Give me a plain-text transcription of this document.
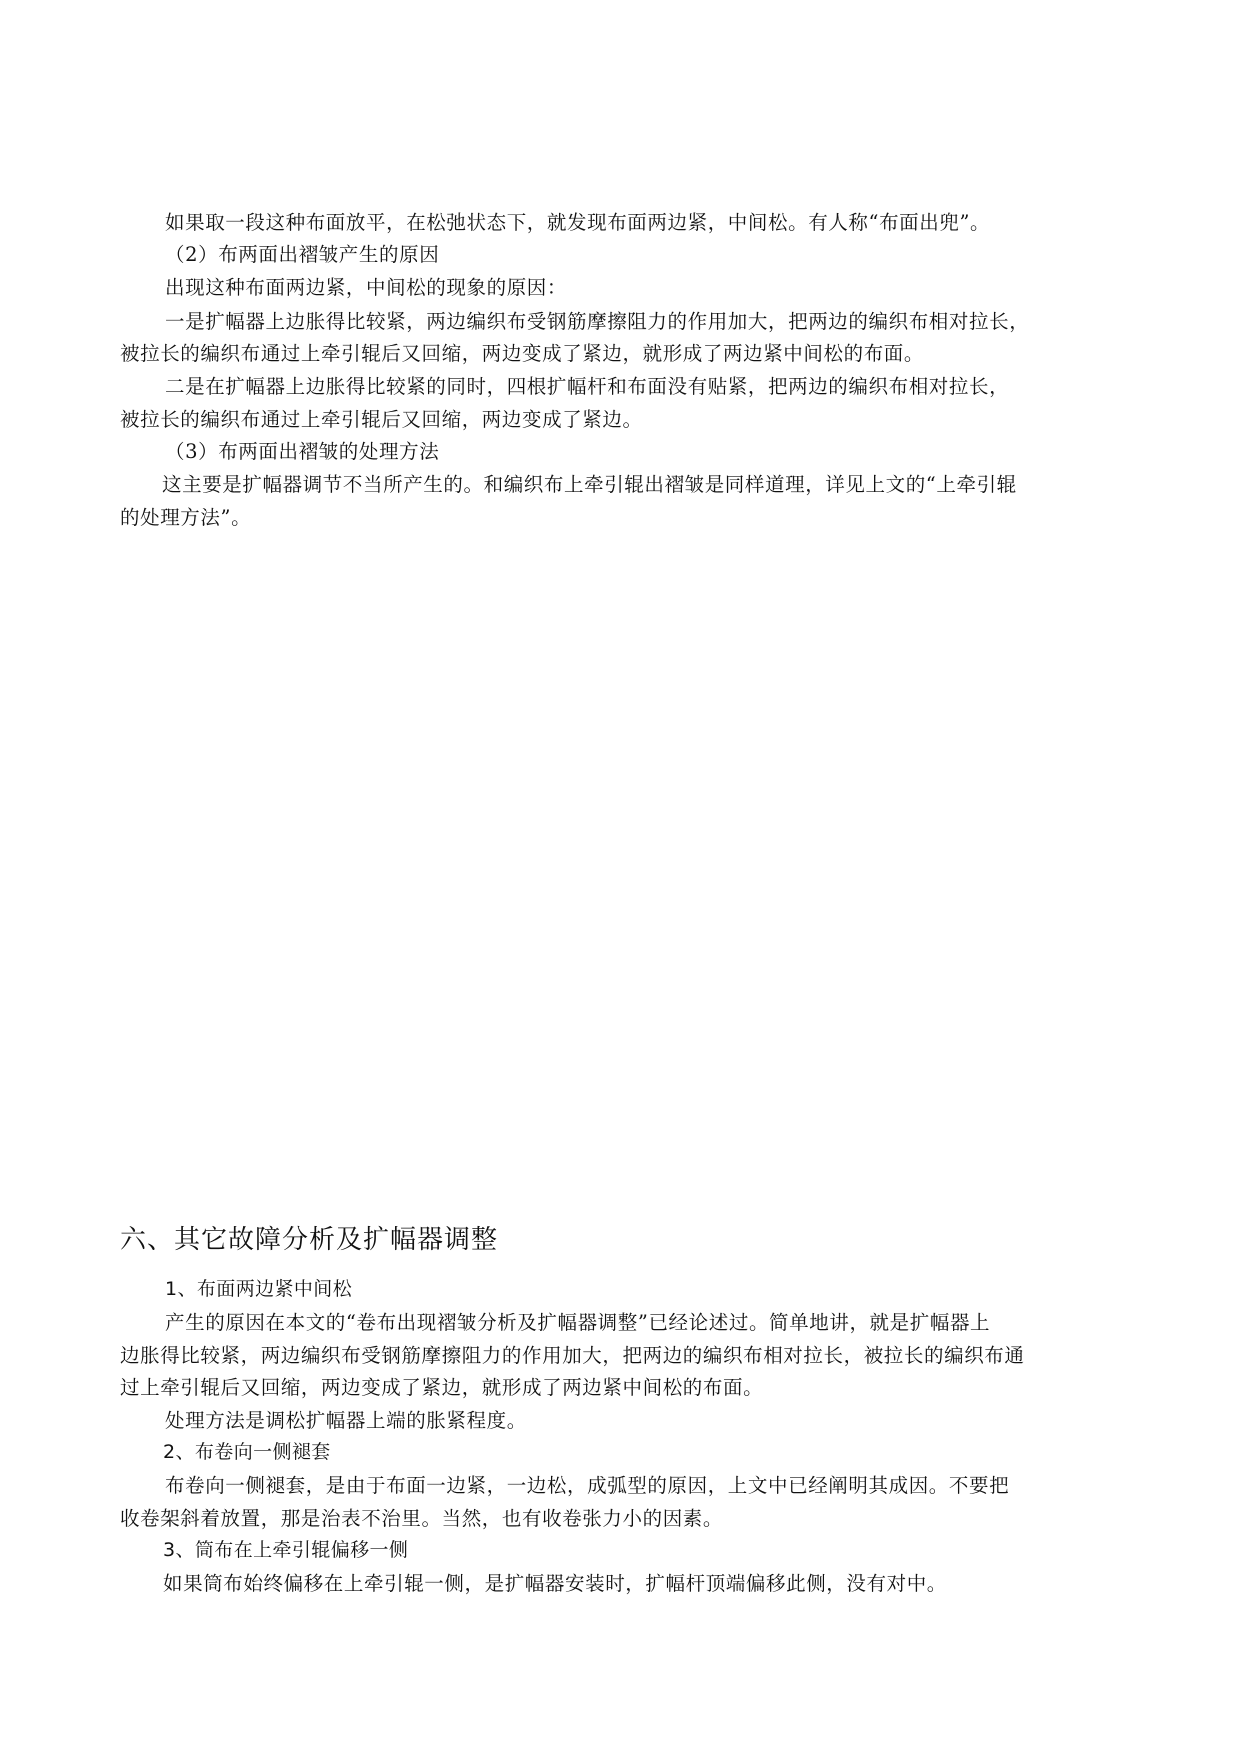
如果取一段这种布面放平，在松弛状态下，就发现布面两边紧，中间松。有人称“布面出兜”。
（2）布两面出褶皱产生的原因
出现这种布面两边紧，中间松的现象的原因：
一是扩幅器上边胀得比较紧，两边编织布受钢筋摩擦阻力的作用加大，把两边的编织布相对拉长，
被拉长的编织布通过上牵引辊后又回缩，两边变成了紧边，就形成了两边紧中间松的布面。
二是在扩幅器上边胀得比较紧的同时，四根扩幅杆和布面没有贴紧，把两边的编织布相对拉长，
被拉长的编织布通过上牵引辊后又回缩，两边变成了紧边。
（3）布两面出褶皱的处理方法
这主要是扩幅器调节不当所产生的。和编织布上牵引辊出褶皱是同样道理，详见上文的“上牵引辊
的处理方法”。
六、其它故障分析及扩幅器调整
1、布面两边紧中间松
产生的原因在本文的“卷布出现褶皱分析及扩幅器调整”已经论述过。简单地讲，就是扩幅器上
边胀得比较紧，两边编织布受钢筋摩擦阻力的作用加大，把两边的编织布相对拉长，被拉长的编织布通
过上牵引辊后又回缩，两边变成了紧边，就形成了两边紧中间松的布面。
处理方法是调松扩幅器上端的胀紧程度。
2、布卷向一侧褪套
布卷向一侧褪套，是由于布面一边紧，一边松，成弧型的原因，上文中已经阐明其成因。不要把
收卷架斜着放置，那是治表不治里。当然，也有收卷张力小的因素。
3、筒布在上牵引辊偏移一侧
如果筒布始终偏移在上牵引辊一侧，是扩幅器安装时，扩幅杆顶端偏移此侧，没有对中。
